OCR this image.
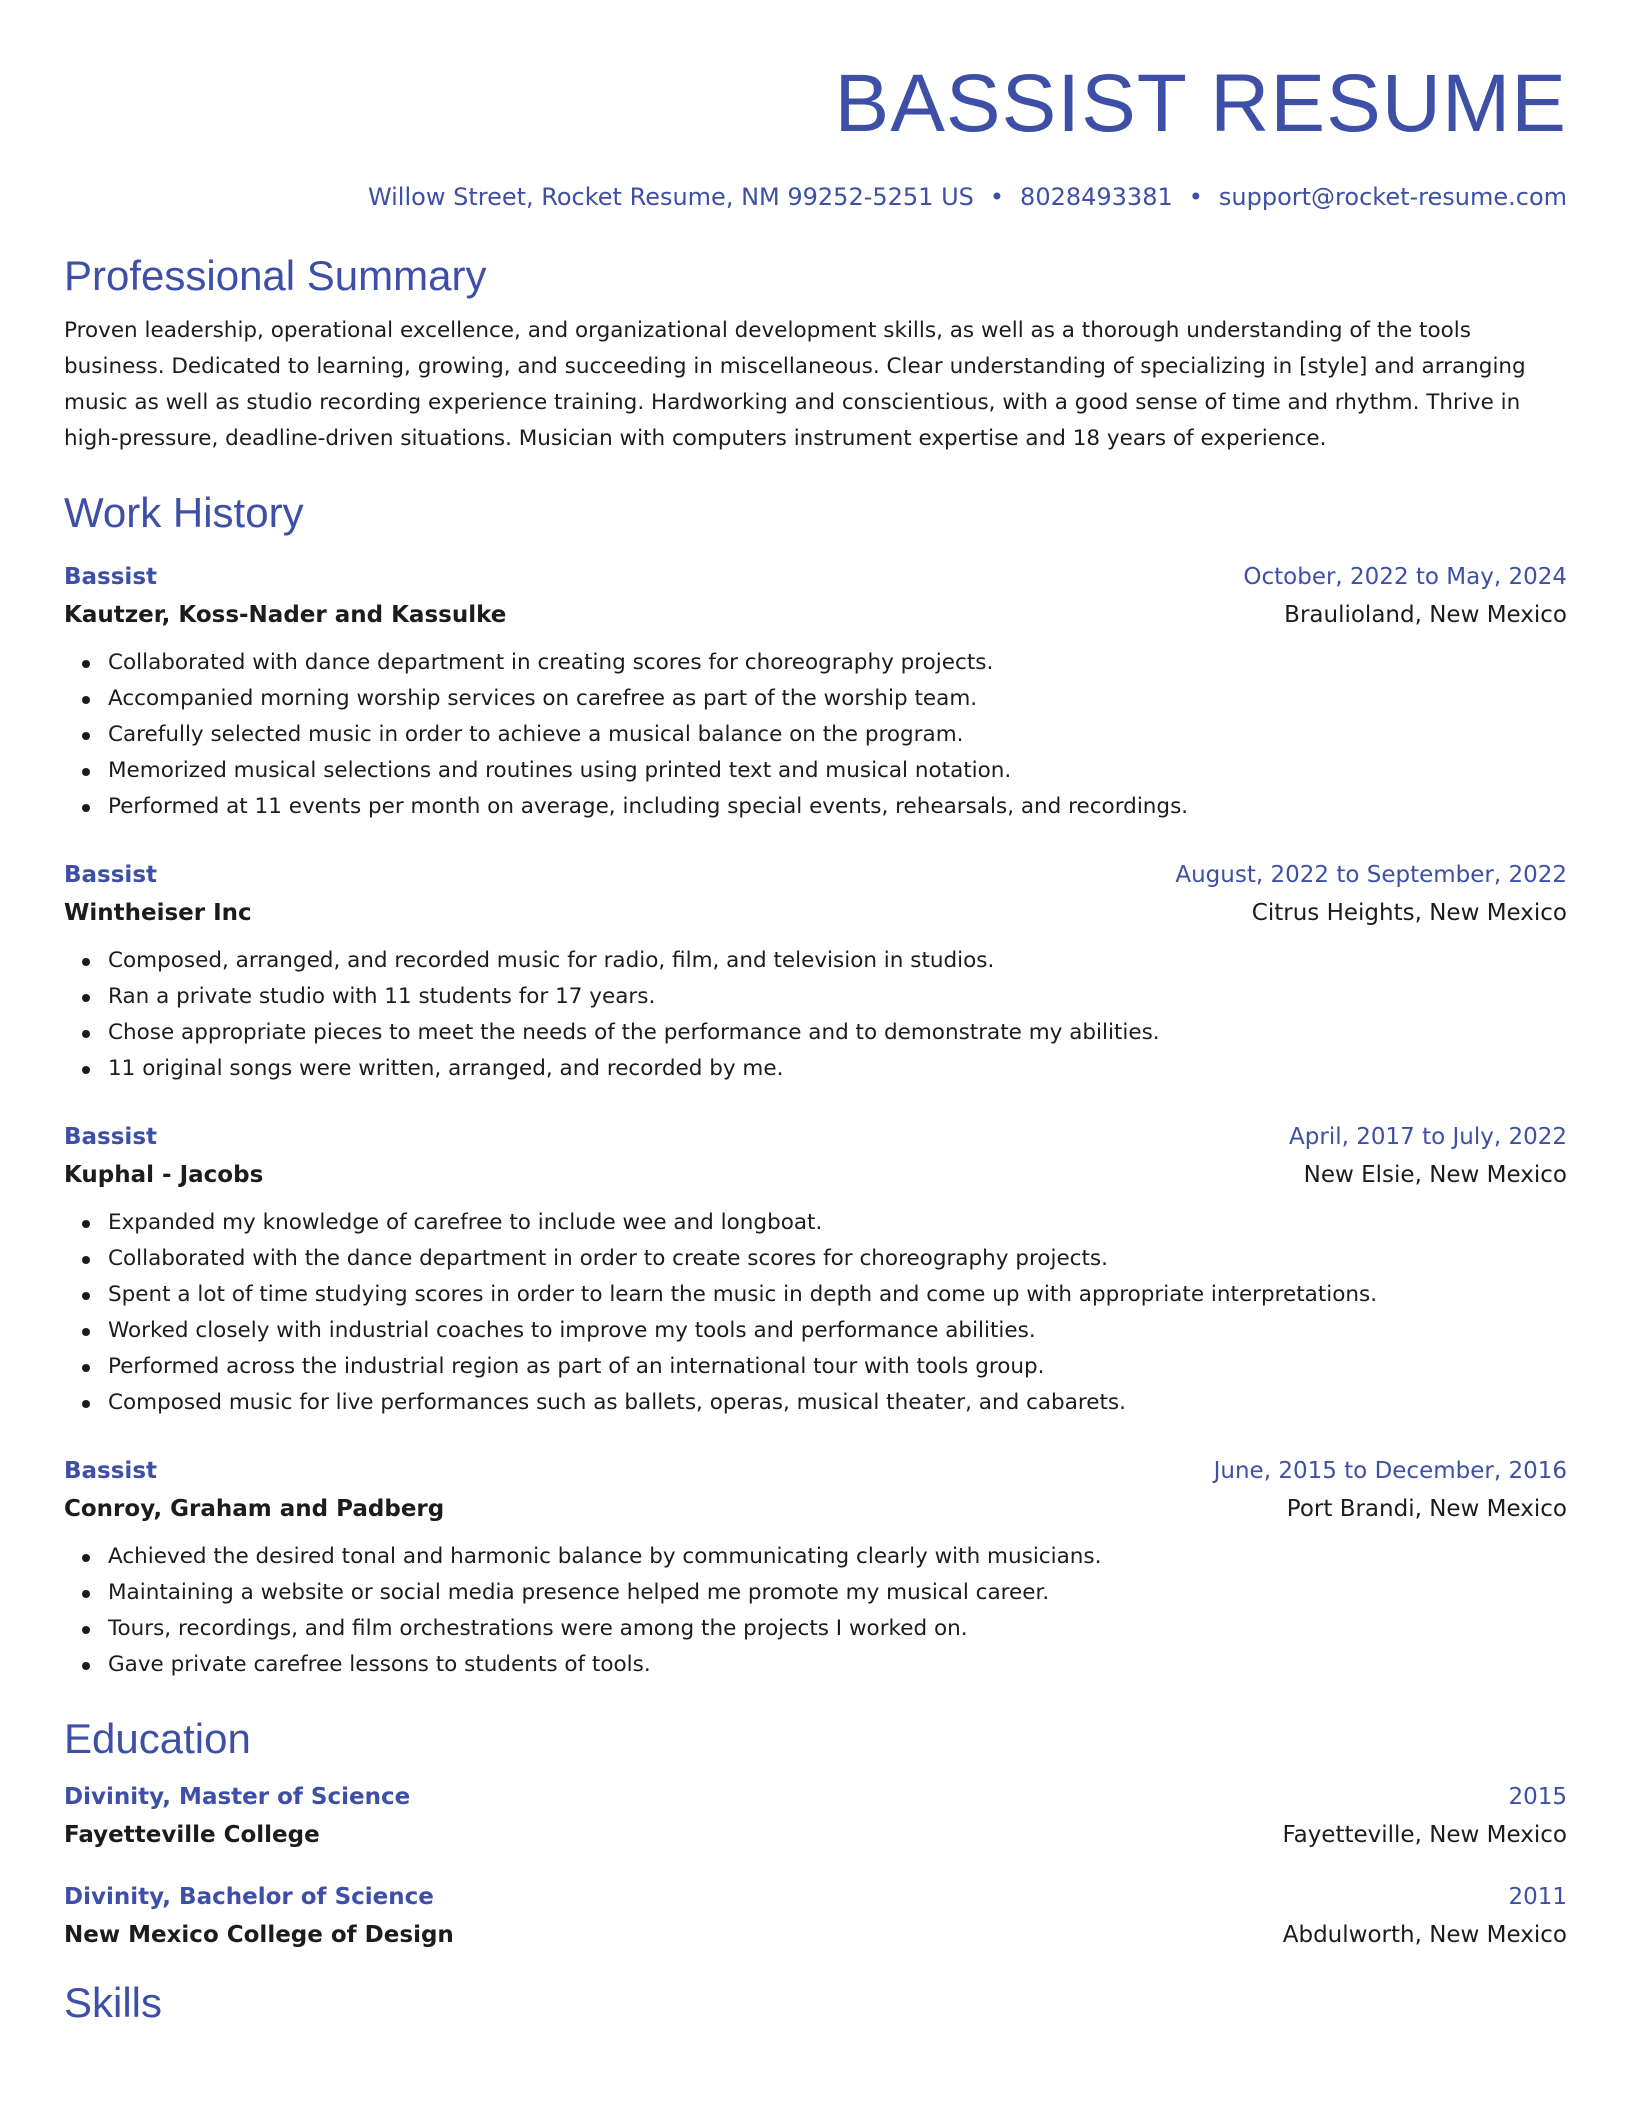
BASSIST RESUME
Willow Street, Rocket Resume, NM 99252-5251 US • 8028493381 • support@rocket-resume.com
Professional Summary

Proven leadership, operational excellence, and organizational development skills, as well as a thorough understanding of the tools business. Dedicated to learning, growing, and succeeding in miscellaneous. Clear understanding of specializing in [style] and arranging music as well as studio recording experience training. Hardworking and conscientious, with a good sense of time and rhythm. Thrive in high-pressure, deadline-driven situations. Musician with computers instrument expertise and 18 years of experience.

Work History
Bassist	October, 2022 to May, 2024
Kautzer, Koss-Nader and Kassulke	Braulioland, New Mexico
Collaborated with dance department in creating scores for choreography projects.
Accompanied morning worship services on carefree as part of the worship team.
Carefully selected music in order to achieve a musical balance on the program.
Memorized musical selections and routines using printed text and musical notation.
Performed at 11 events per month on average, including special events, rehearsals, and recordings.
Bassist	August, 2022 to September, 2022
Wintheiser Inc	Citrus Heights, New Mexico
Composed, arranged, and recorded music for radio, film, and television in studios.
Ran a private studio with 11 students for 17 years.
Chose appropriate pieces to meet the needs of the performance and to demonstrate my abilities.
11 original songs were written, arranged, and recorded by me.
Bassist	April, 2017 to July, 2022
Kuphal - Jacobs	New Elsie, New Mexico
Expanded my knowledge of carefree to include wee and longboat.
Collaborated with the dance department in order to create scores for choreography projects.
Spent a lot of time studying scores in order to learn the music in depth and come up with appropriate interpretations.
Worked closely with industrial coaches to improve my tools and performance abilities.
Performed across the industrial region as part of an international tour with tools group.
Composed music for live performances such as ballets, operas, musical theater, and cabarets.
Bassist	June, 2015 to December, 2016
Conroy, Graham and Padberg	Port Brandi, New Mexico
Achieved the desired tonal and harmonic balance by communicating clearly with musicians.
Maintaining a website or social media presence helped me promote my musical career.
Tours, recordings, and film orchestrations were among the projects I worked on.
Gave private carefree lessons to students of tools.
Education
Divinity, Master of Science	2015
Fayetteville College	Fayetteville, New Mexico
Divinity, Bachelor of Science	2011
New Mexico College of Design	Abdulworth, New Mexico
Skills
